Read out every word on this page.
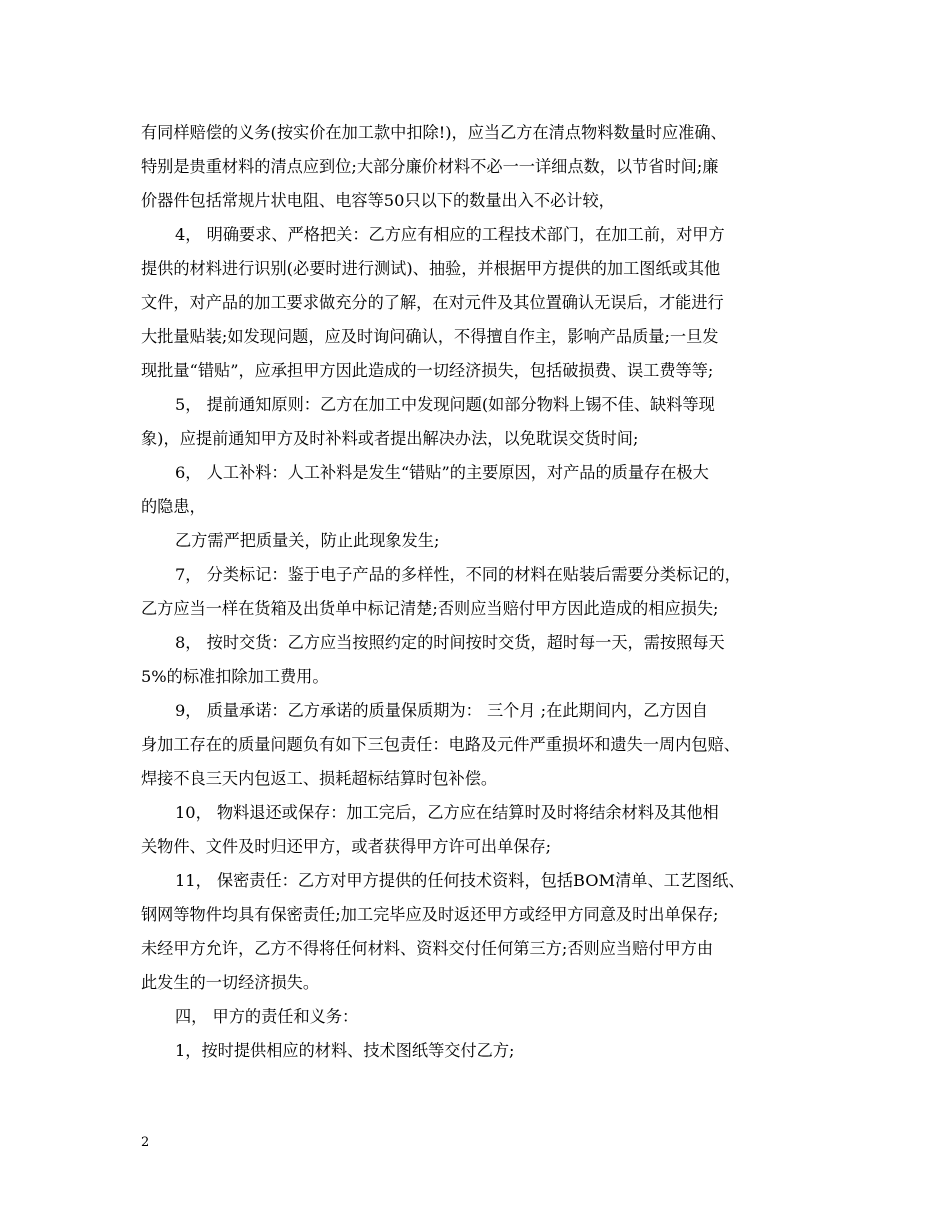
有同样赔偿的义务(按实价在加工款中扣除!)，应当乙方在清点物料数量时应准确、
特别是贵重材料的清点应到位;大部分廉价材料不必一一详细点数，以节省时间;廉
价器件包括常规片状电阻、电容等50只以下的数量出入不必计较，
4， 明确要求、严格把关：乙方应有相应的工程技术部门，在加工前，对甲方
提供的材料进行识别(必要时进行测试)、抽验，并根据甲方提供的加工图纸或其他
文件，对产品的加工要求做充分的了解，在对元件及其位置确认无误后，才能进行
大批量贴装;如发现问题，应及时询问确认，不得擅自作主，影响产品质量;一旦发
现批量“错贴”，应承担甲方因此造成的一切经济损失，包括破损费、误工费等等;
5， 提前通知原则：乙方在加工中发现问题(如部分物料上锡不佳、缺料等现
象)，应提前通知甲方及时补料或者提出解决办法，以免耽误交货时间;
6， 人工补料：人工补料是发生“错贴”的主要原因，对产品的质量存在极大
的隐患，
乙方需严把质量关，防止此现象发生;
7， 分类标记：鉴于电子产品的多样性，不同的材料在贴装后需要分类标记的，
乙方应当一样在货箱及出货单中标记清楚;否则应当赔付甲方因此造成的相应损失;
8， 按时交货：乙方应当按照约定的时间按时交货，超时每一天，需按照每天
5%的标准扣除加工费用。
9， 质量承诺：乙方承诺的质量保质期为： 三个月 ;在此期间内，乙方因自
身加工存在的质量问题负有如下三包责任：电路及元件严重损坏和遗失一周内包赔、
焊接不良三天内包返工、损耗超标结算时包补偿。
10， 物料退还或保存：加工完后，乙方应在结算时及时将结余材料及其他相
关物件、文件及时归还甲方，或者获得甲方许可出单保存;
11， 保密责任：乙方对甲方提供的任何技术资料，包括BOM清单、工艺图纸、
钢网等物件均具有保密责任;加工完毕应及时返还甲方或经甲方同意及时出单保存;
未经甲方允许，乙方不得将任何材料、资料交付任何第三方;否则应当赔付甲方由
此发生的一切经济损失。
四， 甲方的责任和义务：
1，按时提供相应的材料、技术图纸等交付乙方;
2
